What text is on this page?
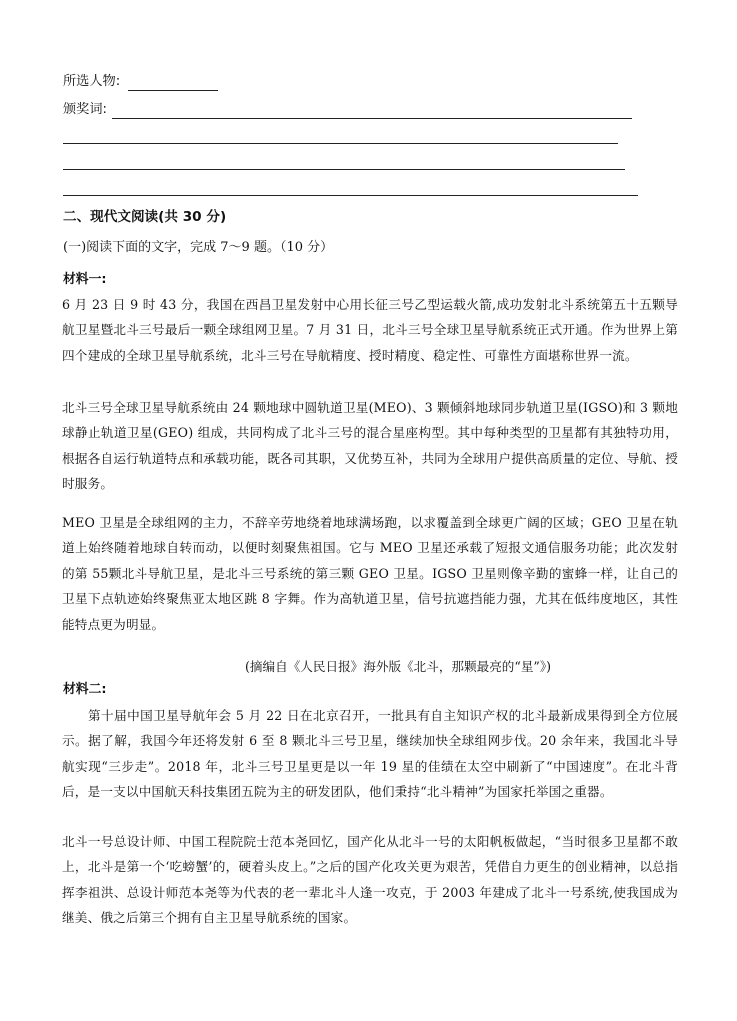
所选人物:
颁奖词:
二、现代文阅读(共 30 分)
(一)阅读下面的文字，完成 7～9 题。（10 分）
材料一:
6 月 23 日 9 时 43 分，我国在西昌卫星发射中心用长征三号乙型运载火箭,成功发射北斗系统第五十五颗导航卫星暨北斗三号最后一颗全球组网卫星。7 月 31 日，北斗三号全球卫星导航系统正式开通。作为世界上第四个建成的全球卫星导航系统，北斗三号在导航精度、授时精度、稳定性、可靠性方面堪称世界一流。
北斗三号全球卫星导航系统由 24 颗地球中圆轨道卫星(MEO)、3 颗倾斜地球同步轨道卫星(IGSO)和 3 颗地球静止轨道卫星(GEO) 组成，共同构成了北斗三号的混合星座构型。其中每种类型的卫星都有其独特功用，根据各自运行轨道特点和承载功能，既各司其职，又优势互补，共同为全球用户提供高质量的定位、导航、授时服务。
MEO 卫星是全球组网的主力，不辞辛劳地绕着地球满场跑，以求覆盖到全球更广阔的区域；GEO 卫星在轨道上始终随着地球自转而动，以便时刻聚焦祖国。它与 MEO 卫星还承载了短报文通信服务功能；此次发射的第 55颗北斗导航卫星，是北斗三号系统的第三颗 GEO 卫星。IGSO 卫星则像辛勤的蜜蜂一样，让自己的卫星下点轨迹始终聚焦亚太地区跳 8 字舞。作为高轨道卫星，信号抗遮挡能力强，尤其在低纬度地区，其性能特点更为明显。
(摘编自《人民日报》海外版《北斗，那颗最亮的“星”》)
材料二:
第十届中国卫星导航年会 5 月 22 日在北京召开，一批具有自主知识产权的北斗最新成果得到全方位展示。据了解，我国今年还将发射 6 至 8 颗北斗三号卫星，继续加快全球组网步伐。20 余年来，我国北斗导航实现“三步走”。2018 年，北斗三号卫星更是以一年 19 星的佳绩在太空中刷新了“中国速度”。在北斗背后，是一支以中国航天科技集团五院为主的研发团队，他们秉持“北斗精神”为国家托举国之重器。
北斗一号总设计师、中国工程院院士范本尧回忆，国产化从北斗一号的太阳帆板做起，“当时很多卫星都不敢上，北斗是第一个‘吃螃蟹’的，硬着头皮上。”之后的国产化攻关更为艰苦，凭借自力更生的创业精神，以总指挥李祖洪、总设计师范本尧等为代表的老一辈北斗人逢一攻克，于 2003 年建成了北斗一号系统,使我国成为继美、俄之后第三个拥有自主卫星导航系统的国家。
